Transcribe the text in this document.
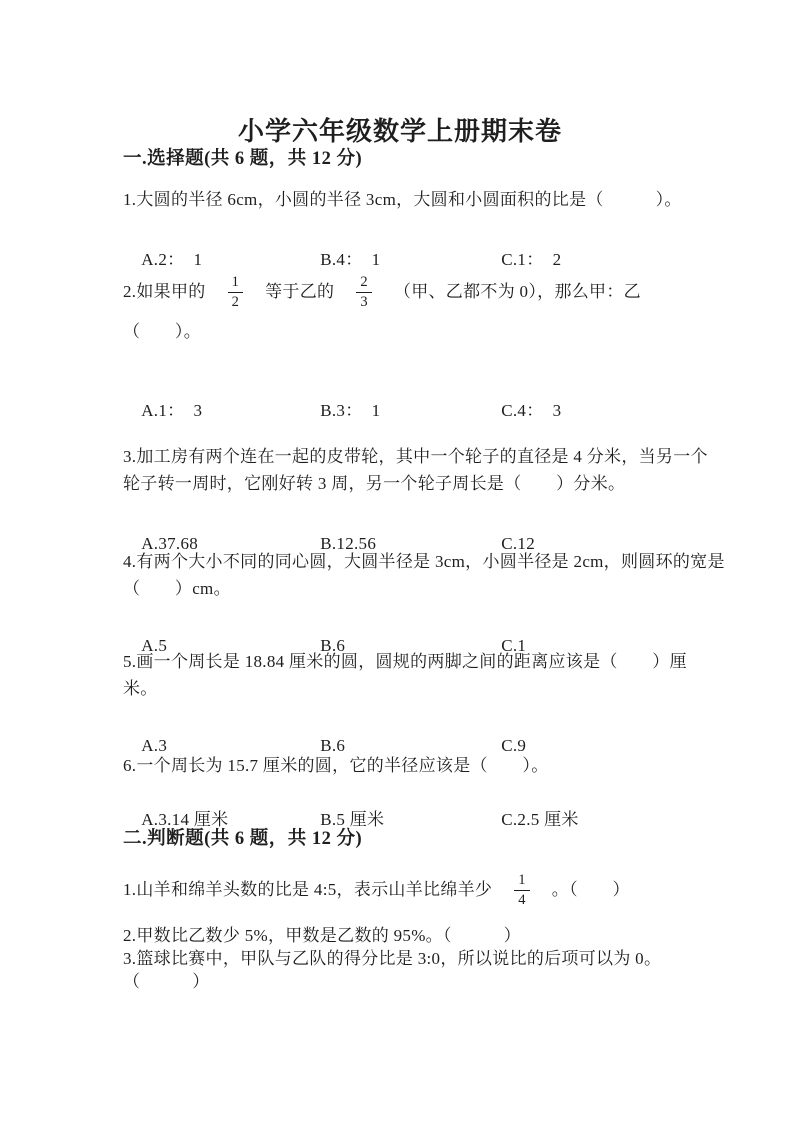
小学六年级数学上册期末卷
一.选择题(共 6 题，共 12 分)
1.大圆的半径 6cm，小圆的半径 3cm，大圆和小圆面积的比是（　　　）。

A.2：  1	B.4：  1	C.1：  2

2.如果甲的 $\frac{1}{2}$ 等于乙的 $\frac{2}{3}$ （甲、乙都不为 0），那么甲：乙
（　　）。

A.1：  3	B.3：  1	C.4：  3

3.加工房有两个连在一起的皮带轮，其中一个轮子的直径是 4 分米，当另一个
轮子转一周时，它刚好转 3 周，另一个轮子周长是（　　）分米。

A.37.68	B.12.56	C.12

4.有两个大小不同的同心圆，大圆半径是 3cm，小圆半径是 2cm，则圆环的宽是
（　　）cm。

A.5	B.6	C.1

5.画一个周长是 18.84 厘米的圆，圆规的两脚之间的距离应该是（　　）厘
米。

A.3	B.6	C.9

6.一个周长为 15.7 厘米的圆，它的半径应该是（　　）。

A.3.14 厘米	B.5 厘米	C.2.5 厘米

二.判断题(共 6 题，共 12 分)
1.山羊和绵羊头数的比是 4:5，表示山羊比绵羊少 $\frac{1}{4}$ 。（　　）
2.甲数比乙数少 5%，甲数是乙数的 95%。（　　　）
3.篮球比赛中，甲队与乙队的得分比是 3:0，所以说比的后项可以为 0。
（　　　）
